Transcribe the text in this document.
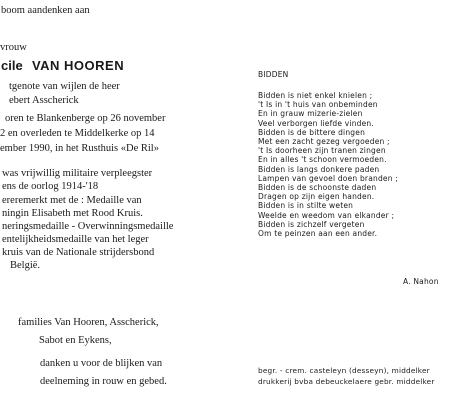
boom aandenken aan
vrouw
cile VAN HOOREN
tgenote van wijlen de heer
ebert Asscherick
oren te Blankenberge op 26 november
2 en overleden te Middelkerke op 14
ember 1990, in het Rusthuis «De Ril»
was vrijwillig militaire verpleegster
ens de oorlog 1914-'18
ereremerkt met de : Medaille van
ningin Elisabeth met Rood Kruis.
neringsmedaille - Overwinningsmedaille
entelijkheidsmedaille van het leger
kruis van de Nationale strijdersbond
België.
families Van Hooren, Asscherick,
Sabot en Eykens,
danken u voor de blijken van
deelneming in rouw en gebed.
BIDDEN
Bidden is niet enkel knielen ;
't Is in 't huis van onbeminden
En in grauw mizerie-zielen
Veel verborgen liefde vinden.
Bidden is de bittere dingen
Met een zacht gezeg vergoeden ;
't Is doorheen zijn tranen zingen
En in alles 't schoon vermoeden.
Bidden is langs donkere paden
Lampen van gevoel doen branden ;
Bidden is de schoonste daden
Dragen op zijn eigen handen.
Bidden is in stilte weten
Weelde en weedom van elkander ;
Bidden is zichzelf vergeten
Om te peinzen aan een ander.
A. Nahon
begr. - crem. casteleyn (desseyn), middelker
drukkerij bvba debeuckelaere gebr. middelker
